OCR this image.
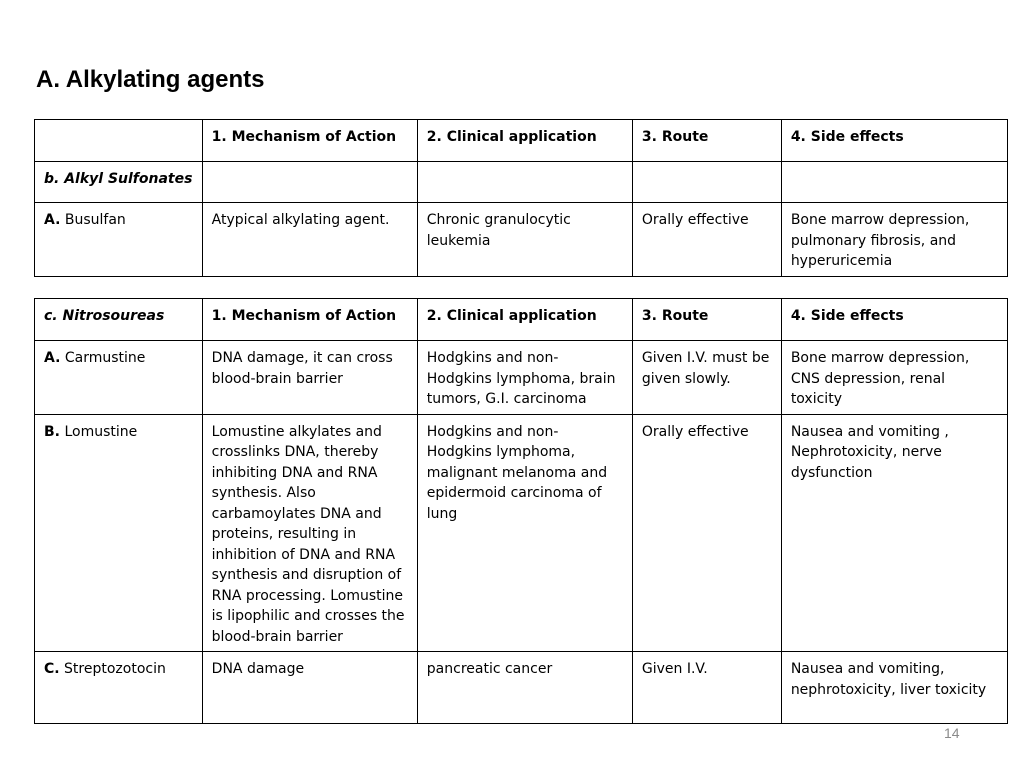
A. Alkylating agents
	1. Mechanism of Action	2. Clinical application	3. Route	4. Side effects
b. Alkyl Sulfonates				
A. Busulfan	Atypical alkylating agent.	Chronic granulocytic leukemia	Orally effective	Bone marrow depression, pulmonary fibrosis, and hyperuricemia
c. Nitrosoureas	1. Mechanism of Action	2. Clinical application	3. Route	4. Side effects
A. Carmustine	DNA damage, it can cross blood-brain barrier	Hodgkins and non-Hodgkins lymphoma, brain tumors, G.I. carcinoma	Given I.V. must be given slowly.	Bone marrow depression, CNS depression, renal toxicity
B. Lomustine	Lomustine alkylates and crosslinks DNA, thereby inhibiting DNA and RNA synthesis. Also carbamoylates DNA and proteins, resulting in inhibition of DNA and RNA synthesis and disruption of RNA processing. Lomustine is lipophilic and crosses the blood-brain barrier	Hodgkins and non-Hodgkins lymphoma, malignant melanoma and epidermoid carcinoma of lung	Orally effective	Nausea and vomiting , Nephrotoxicity, nerve dysfunction
C. Streptozotocin	DNA damage	pancreatic cancer	Given I.V.	Nausea and vomiting, nephrotoxicity, liver toxicity
14
